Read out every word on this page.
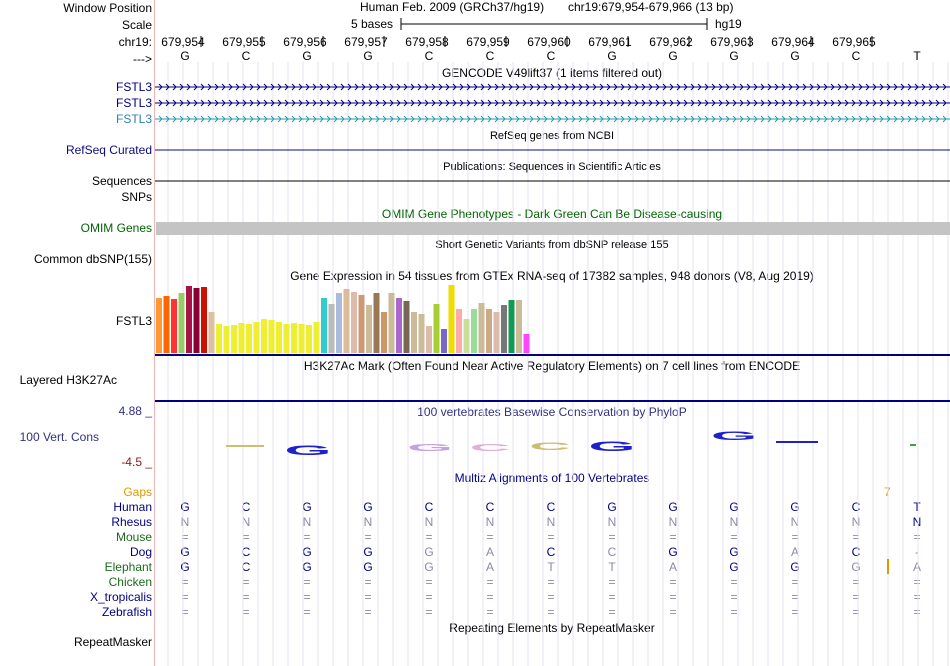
Window Position
Scale
chr19:
--->
FSTL3
FSTL3
FSTL3
RefSeq Curated
Sequences
SNPs
OMIM Genes
Common dbSNP(155)
FSTL3
Layered H3K27Ac
4.88 _
100 Vert. Cons
-4.5 _
Gaps
RepeatMasker
Human Feb. 2009 (GRCh37/hg19) chr19:679,954-679,966 (13 bp)
5 bases	hg19
GENCODE V49lift37 (1 items filtered out)
RefSeq genes from NCBI
Publications: Sequences in Scientific Articles
OMIM Gene Phenotypes - Dark Green Can Be Disease-causing
Short Genetic Variants from dbSNP release 155
Gene Expression in 54 tissues from GTEx RNA-seq of 17382 samples, 948 donors (V8, Aug 2019)
H3K27Ac Mark (Often Found Near Active Regulatory Elements) on 7 cell lines from ENCODE
100 vertebrates Basewise Conservation by PhyloP
Multiz Alignments of 100 Vertebrates
Repeating Elements by RepeatMasker
7
679,954 679,955 679,956 679,957 679,958 679,959 679,960 679,961 679,962 679,963 679,964 679,965
G	C	G	G	C	C	C	G	G	G	G	C	T
Human G	C	G	G	C	C	C	G	G	G	G	C	T
Rhesus N	N	N	N	N	N	N	N	N	N	N	N	N
Mouse =	=	=	=	=	=	=	=	=	=	=	=	=
Dog G	C	G	G	G	A	C	C	G	G	A	C	-
Elephant G	C	G	G	G	A	T	T	A	G	G	G	A
Chicken =	=	=	=	=	=	=	=	=	=	=	=	=
X_tropicalis =	=	=	=	=	=	=	=	=	=	=	=	=
Zebrafish =	=	=	=	=	=	=	=	=	=	=	=	=
G	G C C G
G
